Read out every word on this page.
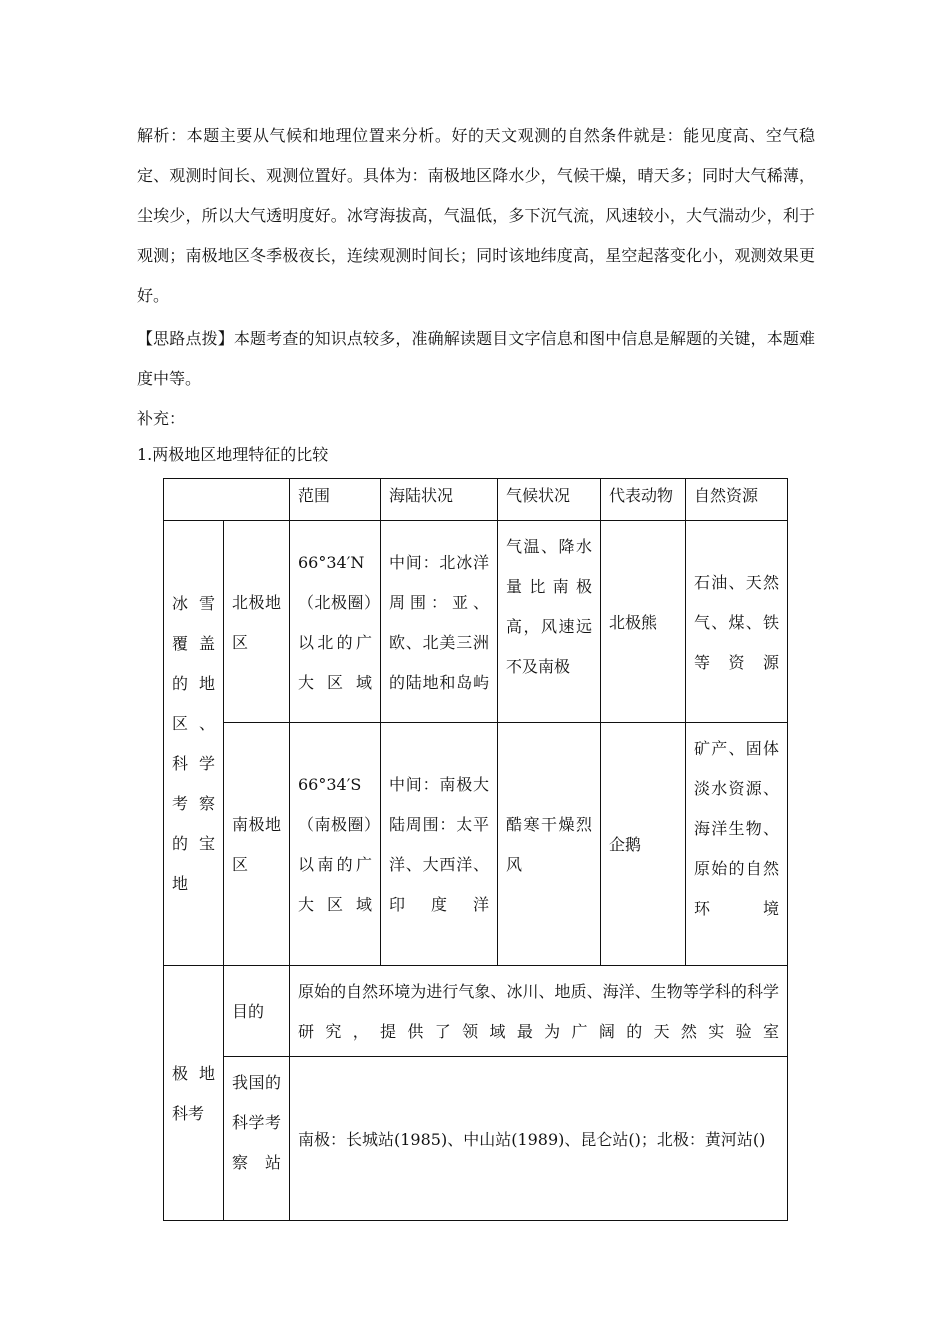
解析：本题主要从气候和地理位置来分析。好的天文观测的自然条件就是：能见度高、空气稳定、观测时间长、观测位置好。具体为：南极地区降水少，气候干燥，晴天多；同时大气稀薄，尘埃少，所以大气透明度好。冰穹海拔高，气温低，多下沉气流，风速较小，大气湍动少，利于观测；南极地区冬季极夜长，连续观测时间长；同时该地纬度高，星空起落变化小，观测效果更好。
【思路点拨】本题考查的知识点较多，准确解读题目文字信息和图中信息是解题的关键，本题难度中等。
补充：
1.两极地区地理特征的比较
		范围	海陆状况	气候状况	代表动物	自然资源
冰雪覆盖的地区、科学考察的宝地	北极地区	66°34′N（北极圈）以北的广大区域	中间：北冰洋周围：亚、欧、北美三洲的陆地和岛屿	气温、降水量比南极高，风速远不及南极	北极熊	石油、天然气、煤、铁等资源
	南极地区	66°34′S（南极圈）以南的广大区域	中间：南极大陆周围：太平洋、大西洋、印度洋	酷寒干燥烈风	企鹅	矿产、固体淡水资源、海洋生物、原始的自然环境
极地科考	目的	原始的自然环境为进行气象、冰川、地质、海洋、生物等学科的科学研究，提供了领域最为广阔的天然实验室				
	我国的科学考察站	南极：长城站(1985)、中山站(1989)、昆仑站()；北极：黄河站()				
